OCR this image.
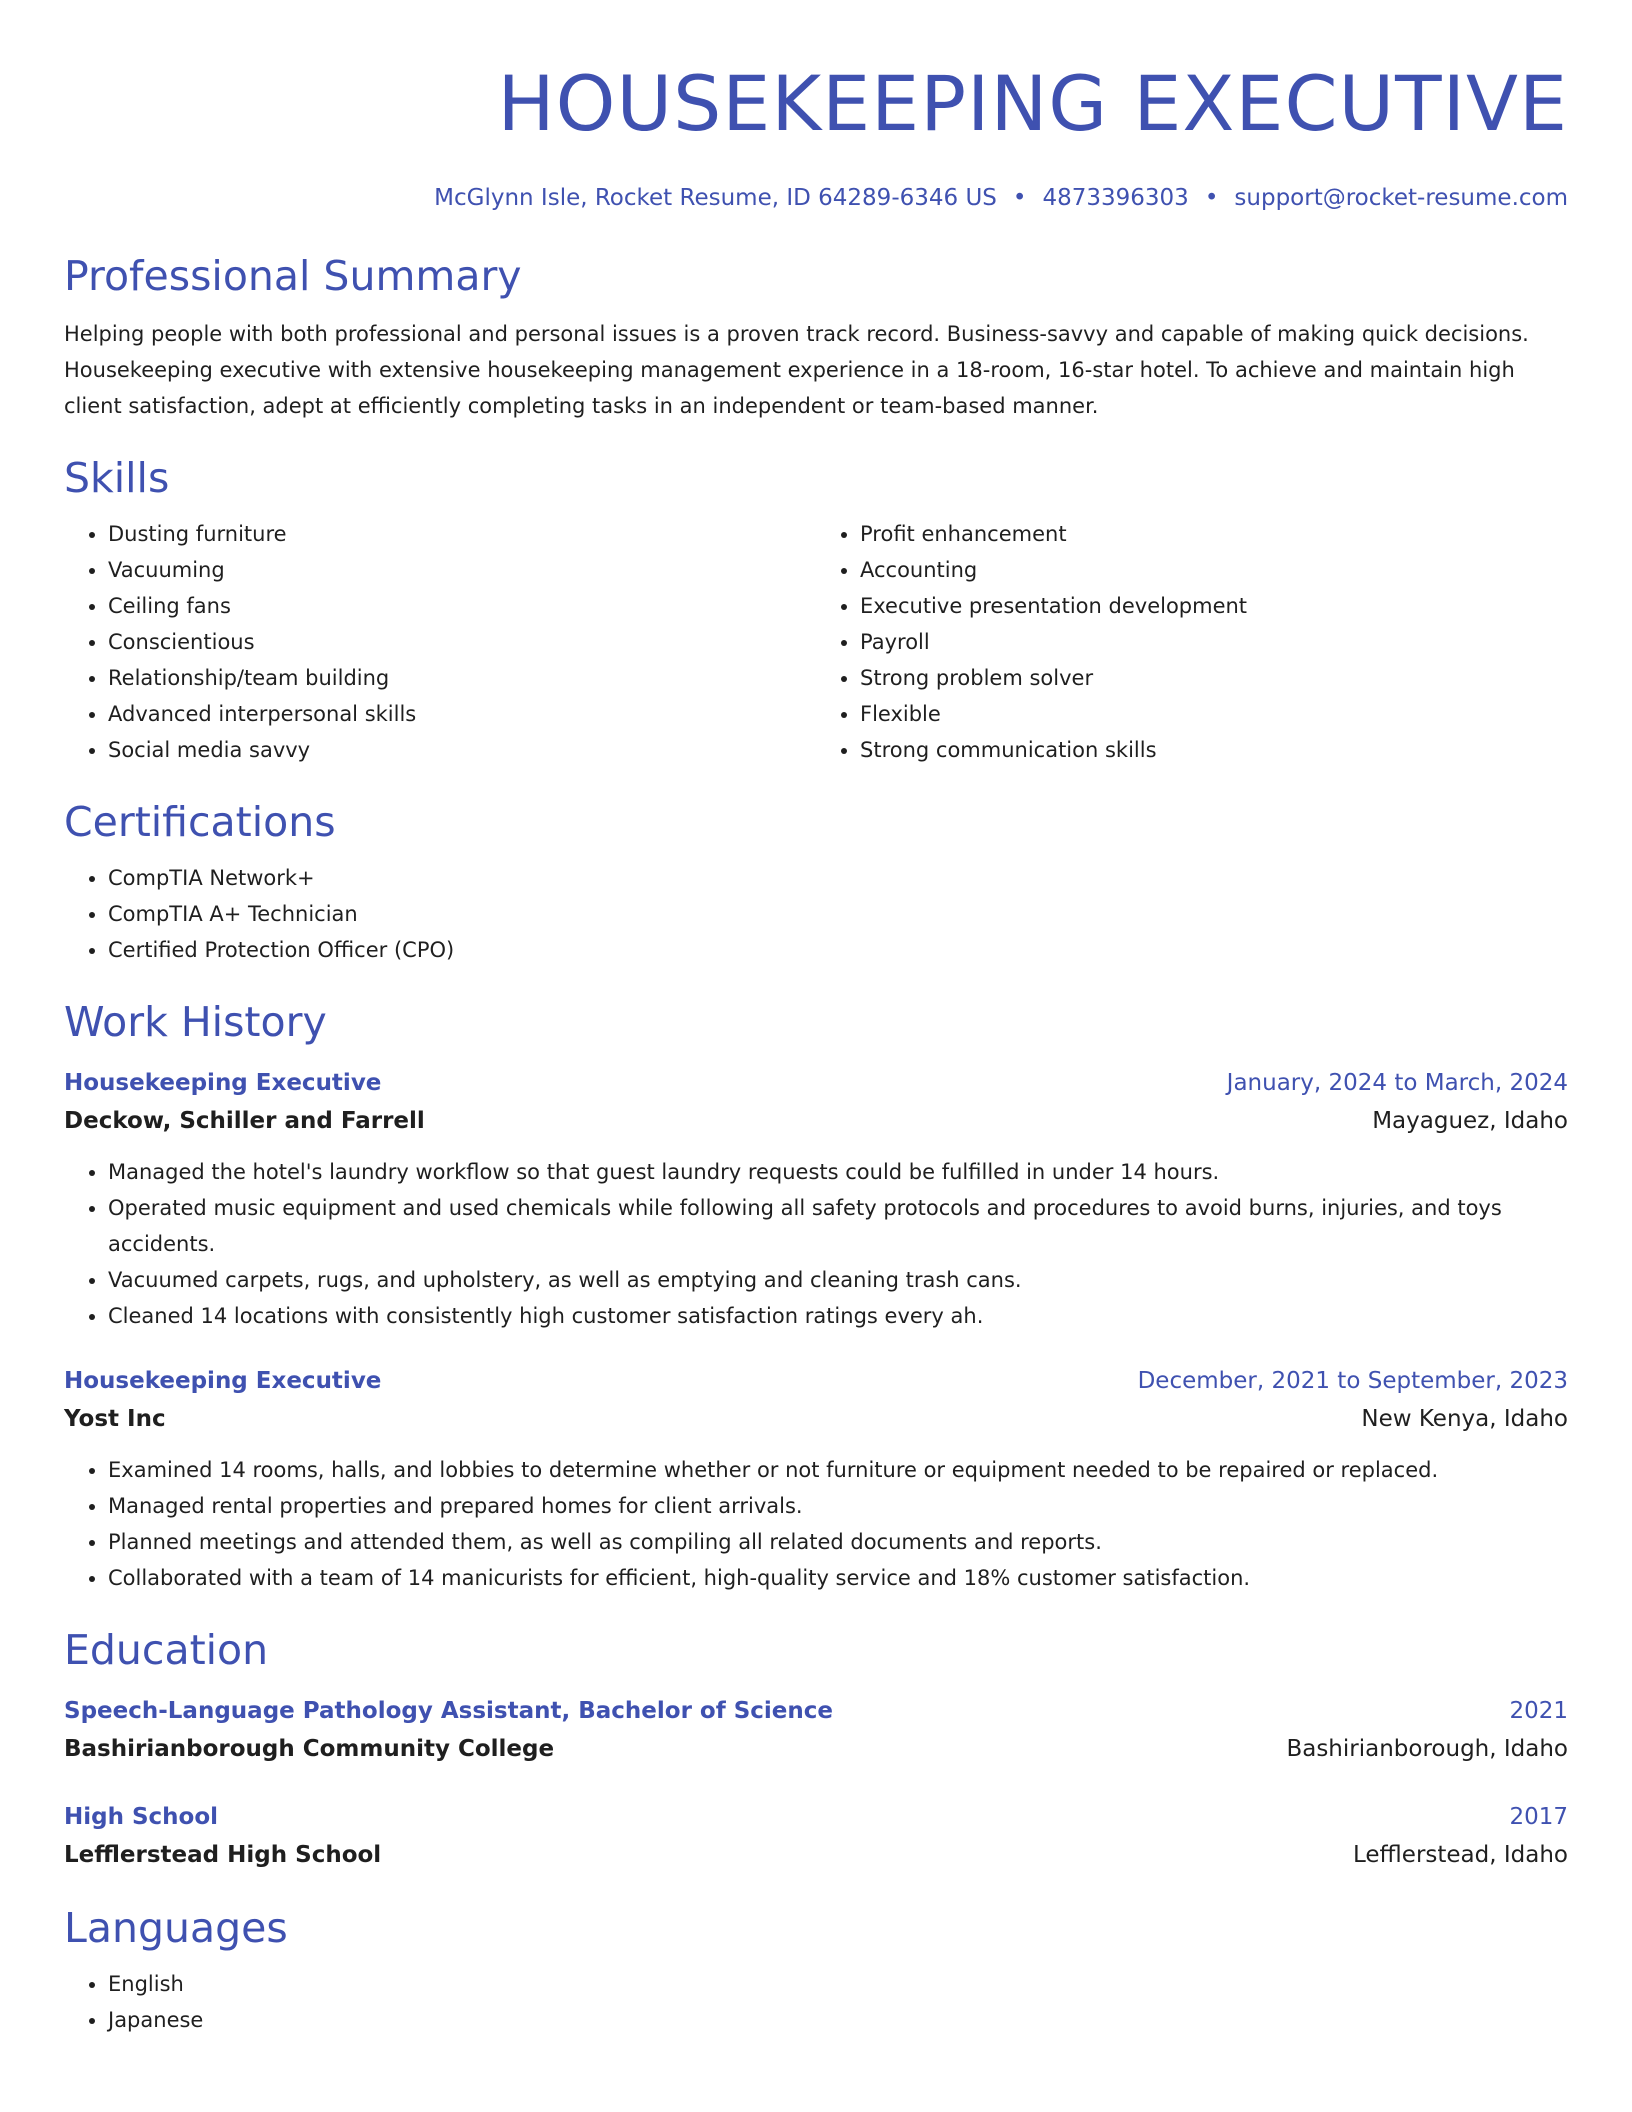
HOUSEKEEPING EXECUTIVE
McGlynn Isle, Rocket Resume, ID 64289-6346 US • 4873396303 • support@rocket-resume.com
Professional Summary

Helping people with both professional and personal issues is a proven track record. Business-savvy and capable of making quick decisions. Housekeeping executive with extensive housekeeping management experience in a 18-room, 16-star hotel. To achieve and maintain high client satisfaction, adept at efficiently completing tasks in an independent or team-based manner.

Skills
• Dusting furniture
• Vacuuming
• Ceiling fans
• Conscientious
• Relationship/team building
• Advanced interpersonal skills
• Social media savvy
• Profit enhancement
• Accounting
• Executive presentation development
• Payroll
• Strong problem solver
• Flexible
• Strong communication skills
Certifications
• CompTIA Network+
• CompTIA A+ Technician
• Certified Protection Officer (CPO)
Work History
Housekeeping Executive	January, 2024 to March, 2024
Deckow, Schiller and Farrell	Mayaguez, Idaho
• Managed the hotel's laundry workflow so that guest laundry requests could be fulfilled in under 14 hours.
• Operated music equipment and used chemicals while following all safety protocols and procedures to avoid burns, injuries, and toys accidents.
• Vacuumed carpets, rugs, and upholstery, as well as emptying and cleaning trash cans.
• Cleaned 14 locations with consistently high customer satisfaction ratings every ah.
Housekeeping Executive	December, 2021 to September, 2023
Yost Inc	New Kenya, Idaho
• Examined 14 rooms, halls, and lobbies to determine whether or not furniture or equipment needed to be repaired or replaced.
• Managed rental properties and prepared homes for client arrivals.
• Planned meetings and attended them, as well as compiling all related documents and reports.
• Collaborated with a team of 14 manicurists for efficient, high-quality service and 18% customer satisfaction.
Education
Speech-Language Pathology Assistant, Bachelor of Science	2021
Bashirianborough Community College	Bashirianborough, Idaho
High School	2017
Lefflerstead High School	Lefflerstead, Idaho
Languages
• English
• Japanese
